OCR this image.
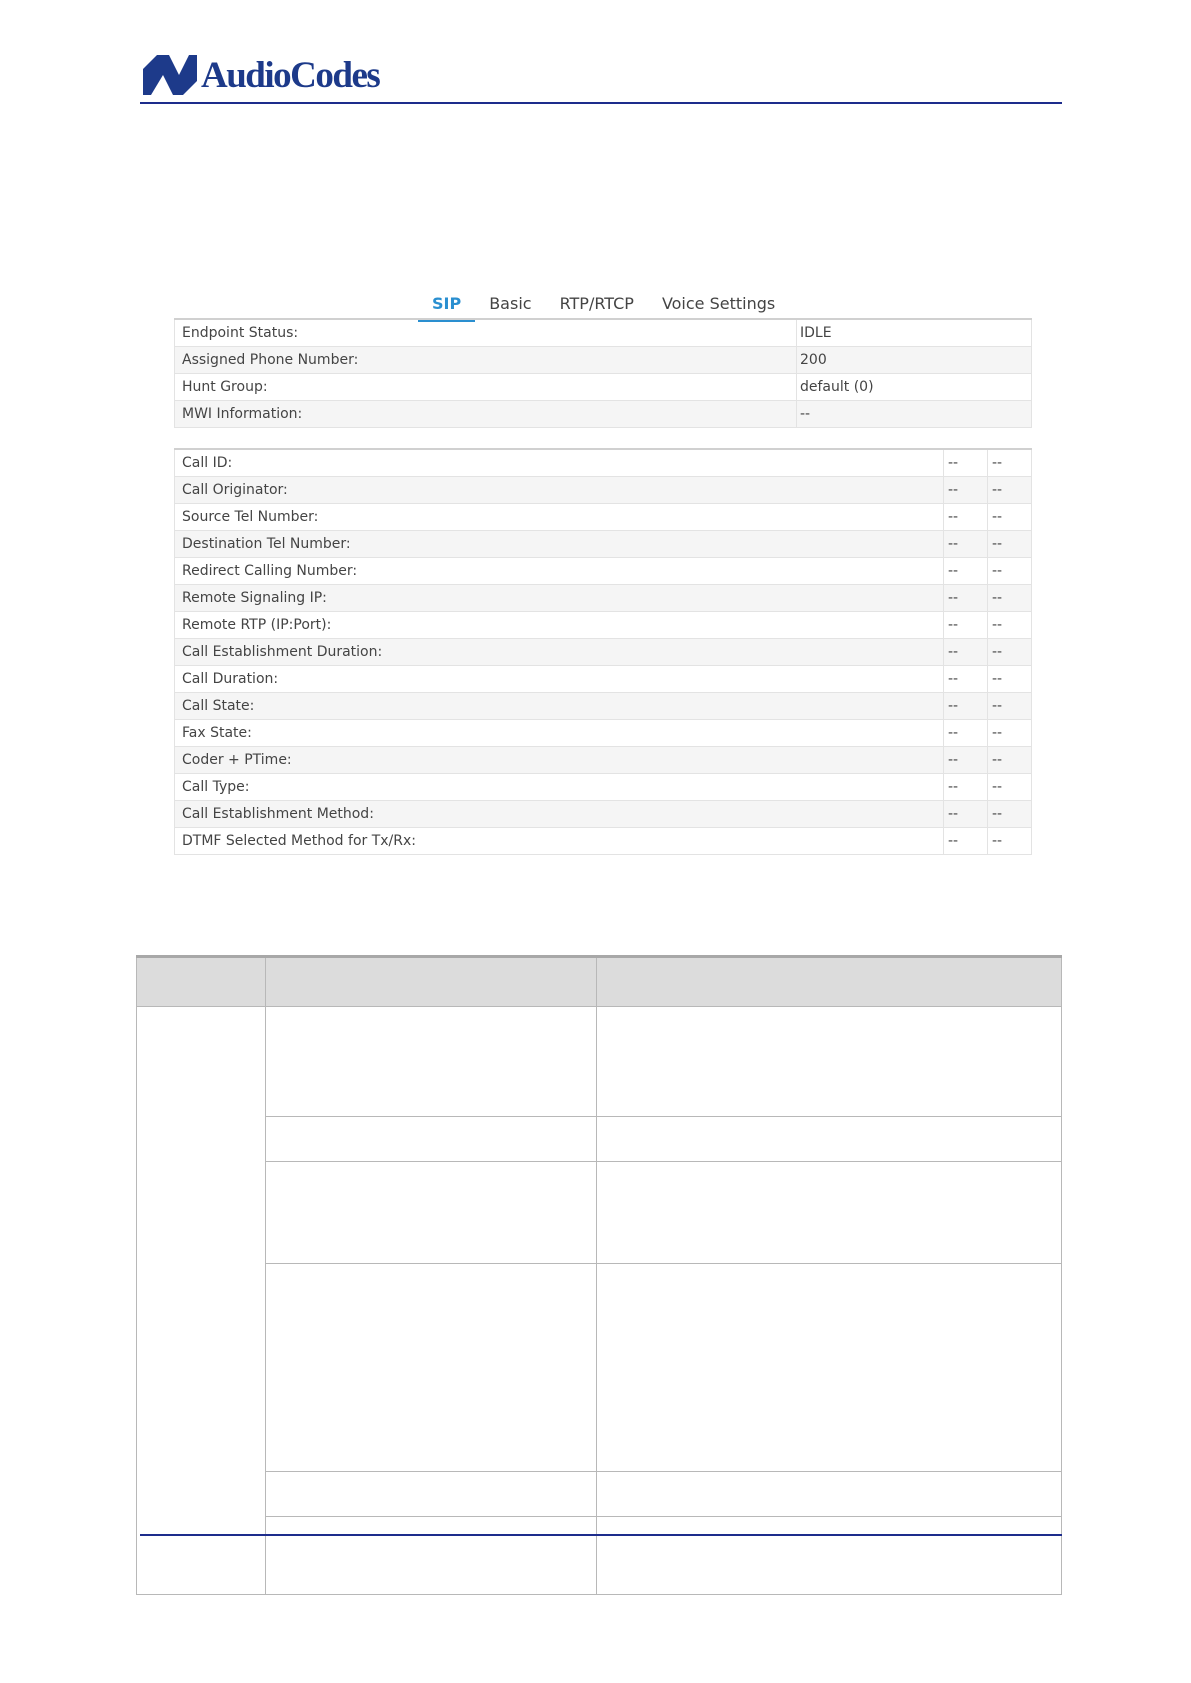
AudioCodes
SIP	Basic	RTP/RTCP	Voice Settings
Endpoint Status:	IDLE
Assigned Phone Number:	200
Hunt Group:	default (0)
MWI Information:	--
Call ID:	--	--
Call Originator:	--	--
Source Tel Number:	--	--
Destination Tel Number:	--	--
Redirect Calling Number:	--	--
Remote Signaling IP:	--	--
Remote RTP (IP:Port):	--	--
Call Establishment Duration:	--	--
Call Duration:	--	--
Call State:	--	--
Fax State:	--	--
Coder + PTime:	--	--
Call Type:	--	--
Call Establishment Method:	--	--
DTMF Selected Method for Tx/Rx:	--	--
